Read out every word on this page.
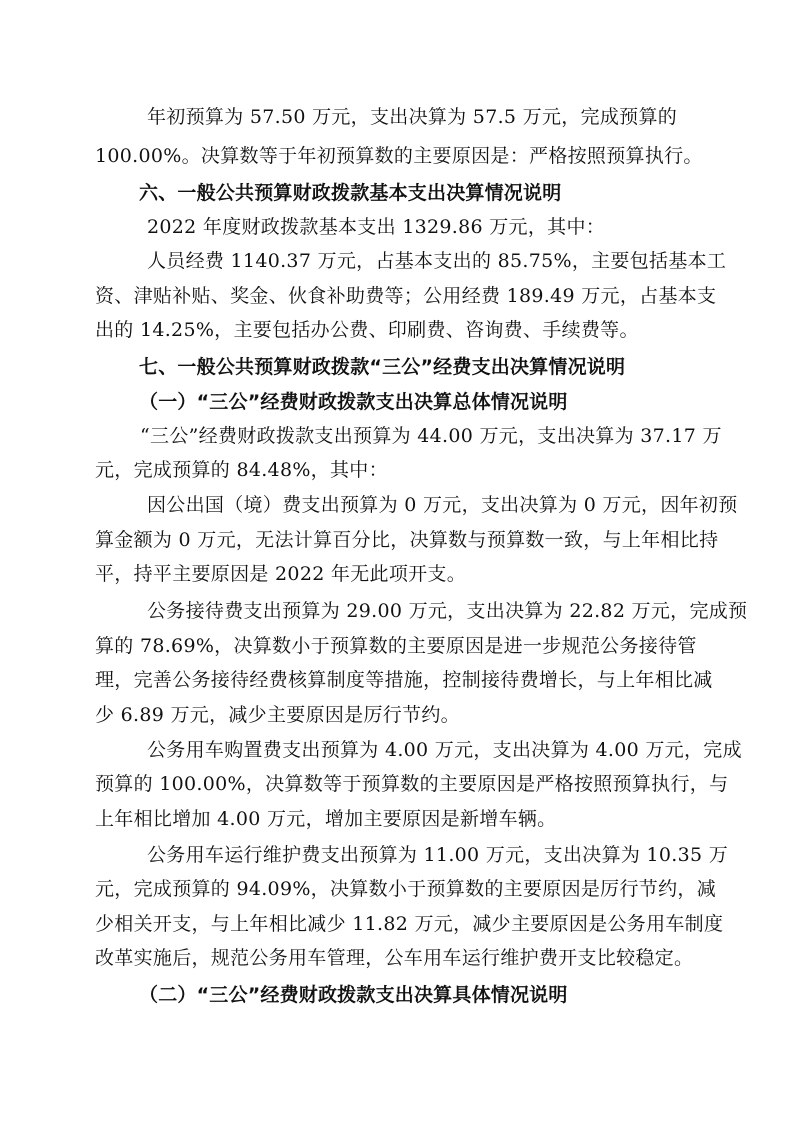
年初预算为 57.50 万元，支出决算为 57.5 万元，完成预算的
100.00%。决算数等于年初预算数的主要原因是：严格按照预算执行。
六、一般公共预算财政拨款基本支出决算情况说明
2022 年度财政拨款基本支出 1329.86 万元，其中：
人员经费 1140.37 万元，占基本支出的 85.75%，主要包括基本工
资、津贴补贴、奖金、伙食补助费等；公用经费 189.49 万元，占基本支
出的 14.25%，主要包括办公费、印刷费、咨询费、手续费等。
七、一般公共预算财政拨款“三公”经费支出决算情况说明
（一）“三公”经费财政拨款支出决算总体情况说明
“三公”经费财政拨款支出预算为 44.00 万元，支出决算为 37.17 万
元，完成预算的 84.48%，其中：
因公出国（境）费支出预算为 0 万元，支出决算为 0 万元，因年初预
算金额为 0 万元，无法计算百分比，决算数与预算数一致，与上年相比持
平，持平主要原因是 2022 年无此项开支。
公务接待费支出预算为 29.00 万元，支出决算为 22.82 万元，完成预
算的 78.69%，决算数小于预算数的主要原因是进一步规范公务接待管
理，完善公务接待经费核算制度等措施，控制接待费增长，与上年相比减
少 6.89 万元，减少主要原因是厉行节约。
公务用车购置费支出预算为 4.00 万元，支出决算为 4.00 万元，完成
预算的 100.00%，决算数等于预算数的主要原因是严格按照预算执行，与
上年相比增加 4.00 万元，增加主要原因是新增车辆。
公务用车运行维护费支出预算为 11.00 万元，支出决算为 10.35 万
元，完成预算的 94.09%，决算数小于预算数的主要原因是厉行节约，减
少相关开支，与上年相比减少 11.82 万元，减少主要原因是公务用车制度
改革实施后，规范公务用车管理，公车用车运行维护费开支比较稳定。
（二）“三公”经费财政拨款支出决算具体情况说明
